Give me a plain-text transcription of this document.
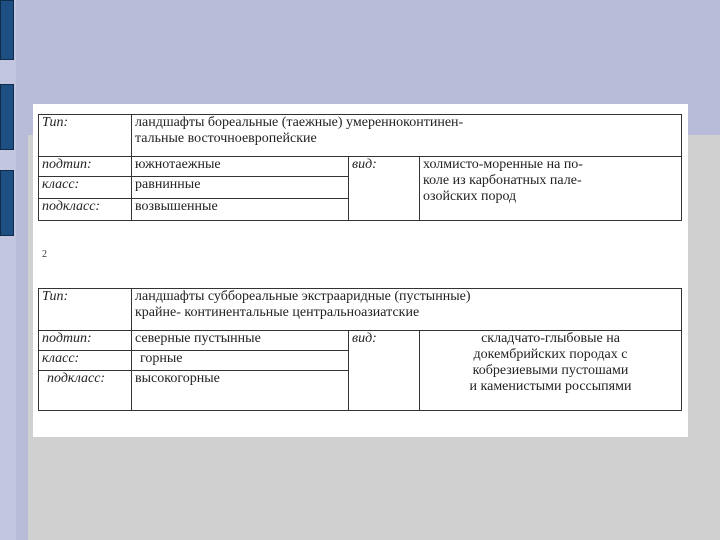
Тип:	ландшафты бореальные (таежные) умеренноконтинен-
тальные восточноевропейские		

подтип:	южнотаежные	вид:	холмисто-моренные на по-
коле из карбонатных пале-
озойских пород

класс:	равнинные		
подкласс:	возвышенные		
2
Тип:	ландшафты суббореальные экстрааридные (пустынные)
крайне- континентальные центральноазиатские		

подтип:	северные пустынные	вид:	складчато-глыбовые на
докембрийских породах с
кобрезиевыми пустошами
и каменистыми россыпями

класс:	горные		
подкласс:	высокогорные		
